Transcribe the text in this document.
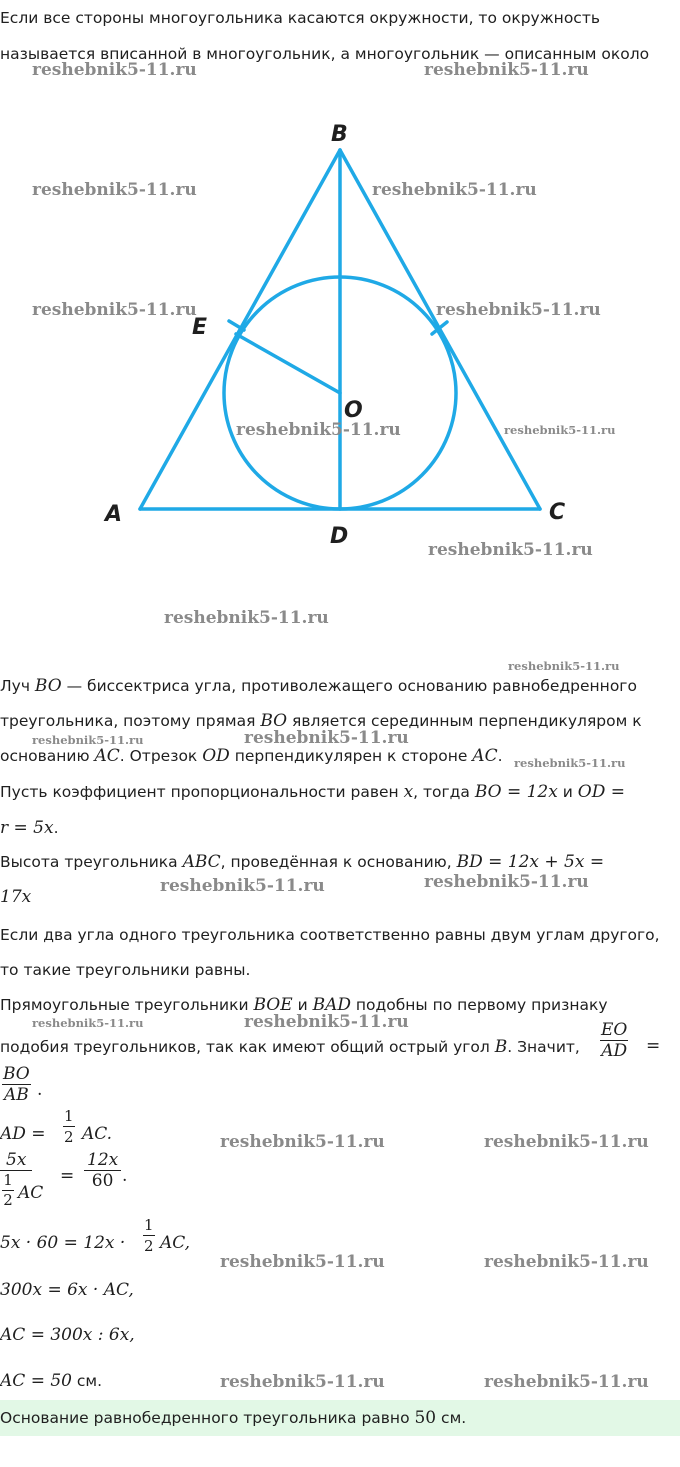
Если все стороны многоугольника касаются окружности, то окружность
называется вписанной в многоугольник, а многоугольник — описанным около
B
E
O
A
D
C
Луч BO — биссектриса угла, противолежащего основанию равнобедренного
треугольника, поэтому прямая BO является серединным перпендикуляром к
основанию AC. Отрезок OD перпендикулярен к стороне AC.
Пусть коэффициент пропорциональности равен x, тогда BO = 12x и OD =
r = 5x.
Высота треугольника ABC, проведённая к основанию, BD = 12x + 5x =
17x
Если два угла одного треугольника соответственно равны двум углам другого,
то такие треугольники равны.
Прямоугольные треугольники BOE и BAD подобны по первому признаку
подобия треугольников, так как имеют общий острый угол B. Значит, $\frac{EO}{AD}$ =
$\frac{BO}{AB}$ .
AD = $\frac{1}{2}$ AC.
5x
1
2 AC	= $\frac{12x}{60}$ .
$5x \cdot 60 = 12x \cdot \frac{1}{2}$ AC,
300x = 6x · AC,
AC = 300x : 6x,
AC = 50 см.
Основание равнобедренного треугольника равно 50 см.
reshebnik5-11.ru	reshebnik5-11.ru
reshebnik5-11.ru	reshebnik5-11.ru
reshebnik5-11.ru	reshebnik5-11.ru
reshebnik5-11.ru	reshebnik5-11.ru
reshebnik5-11.ru
reshebnik5-11.ru
reshebnik5-11.ru
reshebnik5-11.ru	reshebnik5-11.ru
reshebnik5-11.ru
reshebnik5-11.ru	reshebnik5-11.ru
reshebnik5-11.ru	reshebnik5-11.ru
reshebnik5-11.ru	reshebnik5-11.ru
reshebnik5-11.ru	reshebnik5-11.ru
reshebnik5-11.ru	reshebnik5-11.ru
